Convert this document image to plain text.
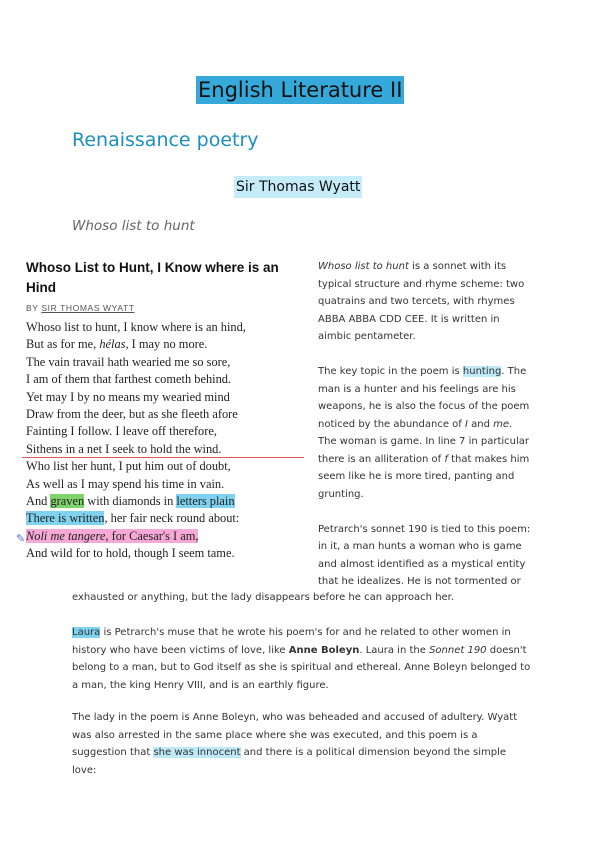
English Literature II
Renaissance poetry
Sir Thomas Wyatt
Whoso list to hunt
Whoso List to Hunt, I Know where is an Hind
BY SIR THOMAS WYATT
Whoso list to hunt, I know where is an hind,
But as for me, hélas, I may no more.
The vain travail hath wearied me so sore,
I am of them that farthest cometh behind.
Yet may I by no means my wearied mind
Draw from the deer, but as she fleeth afore
Fainting I follow. I leave off therefore,
Sithens in a net I seek to hold the wind.
Who list her hunt, I put him out of doubt,
As well as I may spend his time in vain.
And graven with diamonds in letters plain
There is written, her fair neck round about:
Noli me tangere, for Caesar's I am,
And wild for to hold, though I seem tame.
✎

Whoso list to hunt is a sonnet with its typical structure and rhyme scheme: two quatrains and two tercets, with rhymes ABBA ABBA CDD CEE. It is written in aimbic pentameter.

The key topic in the poem is hunting. The man is a hunter and his feelings are his weapons, he is also the focus of the poem noticed by the abundance of I and me. The woman is game. In line 7 in particular there is an alliteration of f that makes him seem like he is more tired, panting and grunting.

Petrarch's sonnet 190 is tied to this poem: in it, a man hunts a woman who is game and almost identified as a mystical entity that he idealizes. He is not tormented or

exhausted or anything, but the lady disappears before he can approach her.

Laura is Petrarch's muse that he wrote his poem's for and he related to other women in history who have been victims of love, like Anne Boleyn. Laura in the Sonnet 190 doesn't belong to a man, but to God itself as she is spiritual and ethereal. Anne Boleyn belonged to a man, the king Henry VIII, and is an earthly figure.

The lady in the poem is Anne Boleyn, who was beheaded and accused of adultery. Wyatt was also arrested in the same place where she was executed, and this poem is a suggestion that she was innocent and there is a political dimension beyond the simple love:
